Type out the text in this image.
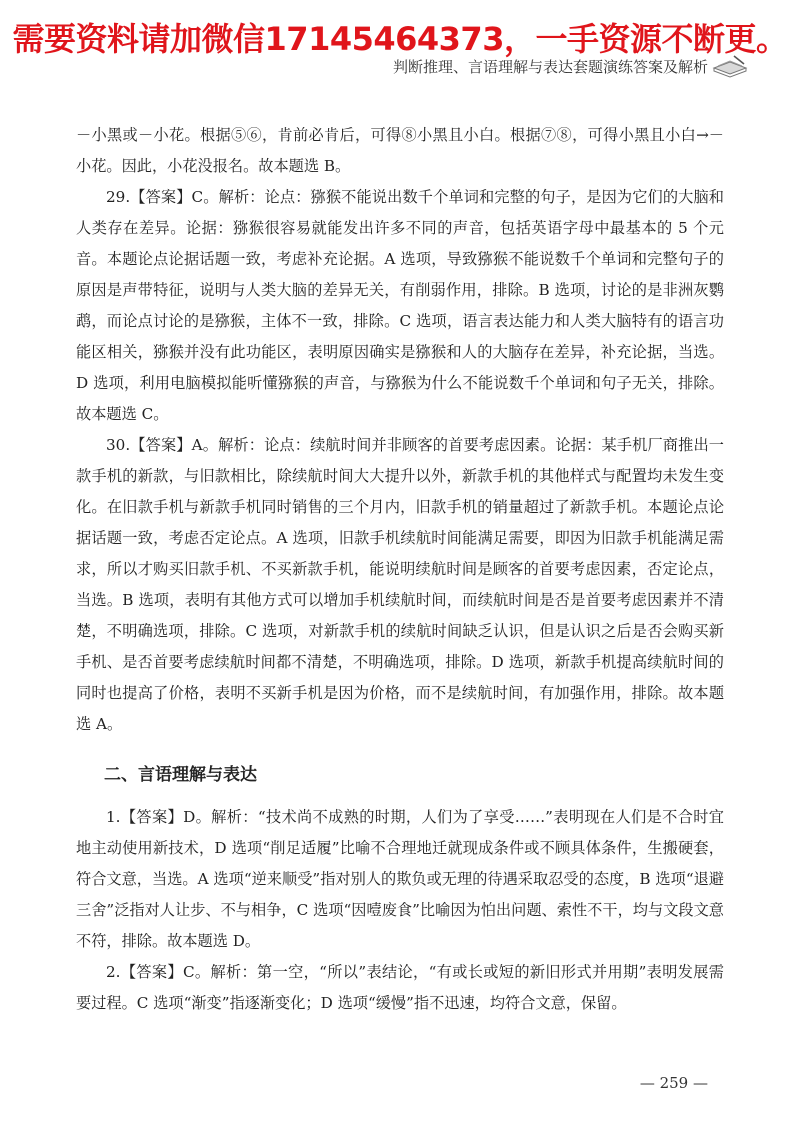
需要资料请加微信17145464373，一手资源不断更。
判断推理、言语理解与表达套题演练答案及解析

－小黑或－小花。根据⑤⑥，肯前必肯后，可得⑧小黑且小白。根据⑦⑧，可得小黑且小白→－小花。因此，小花没报名。故本题选 B。

29.【答案】C。解析：论点：猕猴不能说出数千个单词和完整的句子，是因为它们的大脑和人类存在差异。论据：猕猴很容易就能发出许多不同的声音，包括英语字母中最基本的 5 个元音。本题论点论据话题一致，考虑补充论据。A 选项，导致猕猴不能说数千个单词和完整句子的原因是声带特征，说明与人类大脑的差异无关，有削弱作用，排除。B 选项，讨论的是非洲灰鹦鹉，而论点讨论的是猕猴，主体不一致，排除。C 选项，语言表达能力和人类大脑特有的语言功能区相关，猕猴并没有此功能区，表明原因确实是猕猴和人的大脑存在差异，补充论据，当选。D 选项，利用电脑模拟能听懂猕猴的声音，与猕猴为什么不能说数千个单词和句子无关，排除。故本题选 C。

30.【答案】A。解析：论点：续航时间并非顾客的首要考虑因素。论据：某手机厂商推出一款手机的新款，与旧款相比，除续航时间大大提升以外，新款手机的其他样式与配置均未发生变化。在旧款手机与新款手机同时销售的三个月内，旧款手机的销量超过了新款手机。本题论点论据话题一致，考虑否定论点。A 选项，旧款手机续航时间能满足需要，即因为旧款手机能满足需求，所以才购买旧款手机、不买新款手机，能说明续航时间是顾客的首要考虑因素，否定论点，当选。B 选项，表明有其他方式可以增加手机续航时间，而续航时间是否是首要考虑因素并不清楚，不明确选项，排除。C 选项，对新款手机的续航时间缺乏认识，但是认识之后是否会购买新手机、是否首要考虑续航时间都不清楚，不明确选项，排除。D 选项，新款手机提高续航时间的同时也提高了价格，表明不买新手机是因为价格，而不是续航时间，有加强作用，排除。故本题选 A。

二、言语理解与表达

1.【答案】D。解析：“技术尚不成熟的时期，人们为了享受……”表明现在人们是不合时宜地主动使用新技术，D 选项“削足适履”比喻不合理地迁就现成条件或不顾具体条件，生搬硬套，符合文意，当选。A 选项“逆来顺受”指对别人的欺负或无理的待遇采取忍受的态度，B 选项“退避三舍”泛指对人让步、不与相争，C 选项“因噎废食”比喻因为怕出问题、索性不干，均与文段文意不符，排除。故本题选 D。

2.【答案】C。解析：第一空，“所以”表结论，“有或长或短的新旧形式并用期”表明发展需要过程。C 选项“渐变”指逐渐变化；D 选项“缓慢”指不迅速，均符合文意，保留。

— 259 —
